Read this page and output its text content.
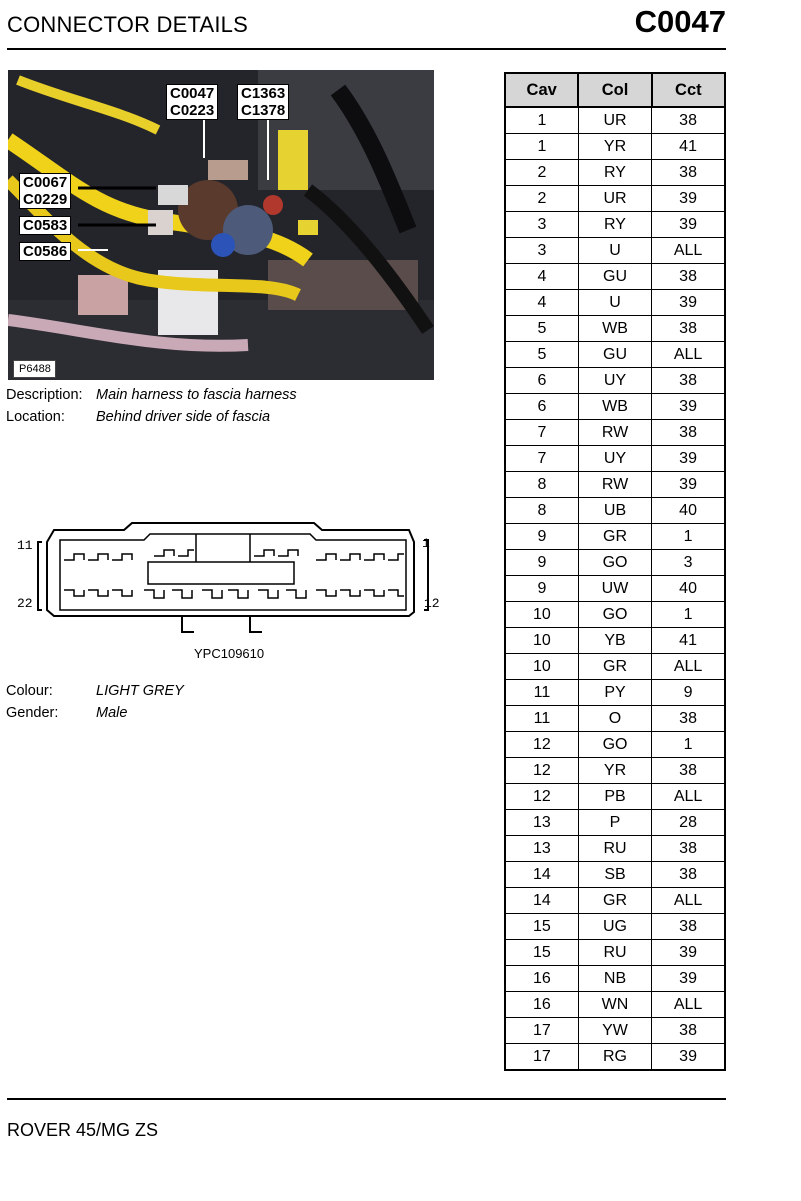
CONNECTOR DETAILS	C0047
C0047
C0223
C1363
C1378
C0067
C0229
C0583
C0586
P6488
Description: Main harness to fascia harness
Location: Behind driver side of fascia
11	1
22	12
YPC109610
Colour:	LIGHT GREY
Gender:	Male
Cav	Col	Cct
1	UR	38
1	YR	41
2	RY	38
2	UR	39
3	RY	39
3	U	ALL
4	GU	38
4	U	39
5	WB	38
5	GU	ALL
6	UY	38
6	WB	39
7	RW	38
7	UY	39
8	RW	39
8	UB	40
9	GR	1
9	GO	3
9	UW	40
10	GO	1
10	YB	41
10	GR	ALL
11	PY	9
11	O	38
12	GO	1
12	YR	38
12	PB	ALL
13	P	28
13	RU	38
14	SB	38
14	GR	ALL
15	UG	38
15	RU	39
16	NB	39
16	WN	ALL
17	YW	38
17	RG	39
ROVER 45/MG ZS
